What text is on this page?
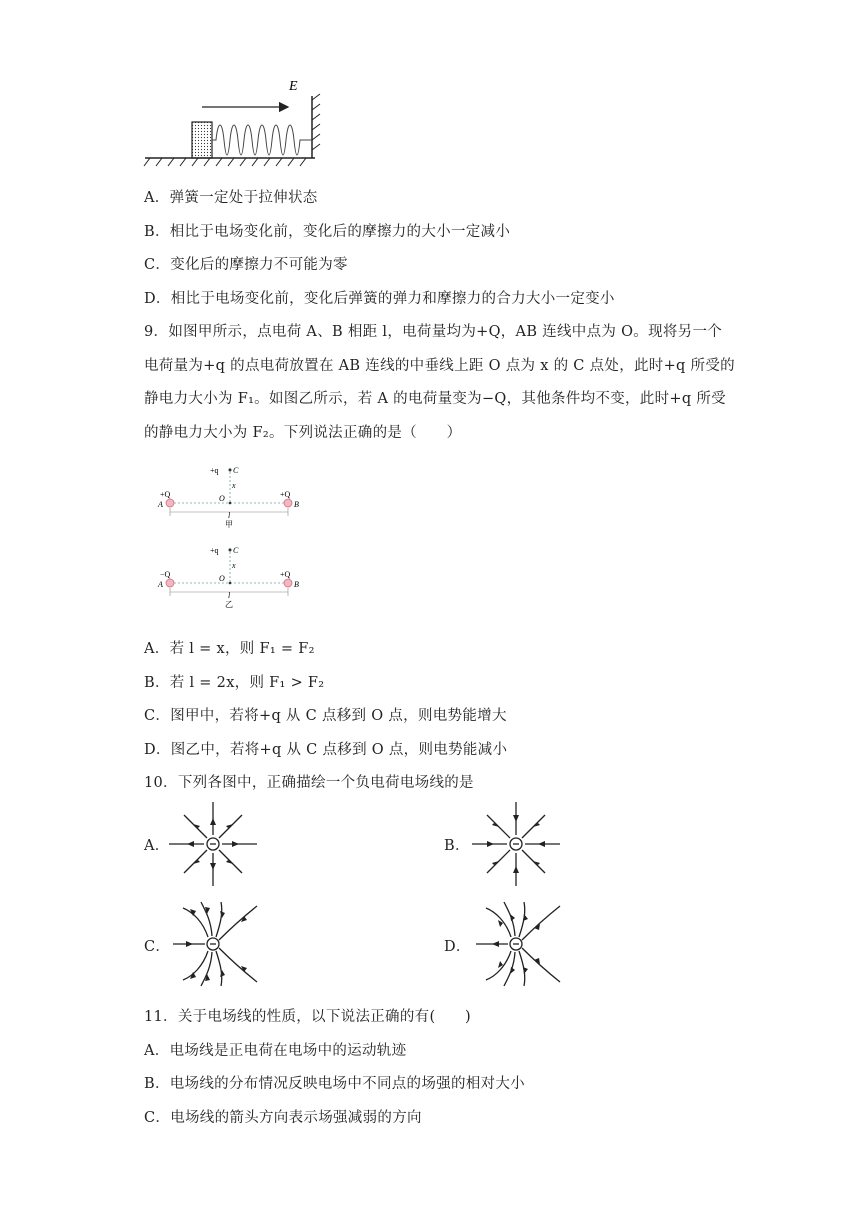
E
A．弹簧一定处于拉伸状态
B．相比于电场变化前，变化后的摩擦力的大小一定减小
C．变化后的摩擦力不可能为零
D．相比于电场变化前，变化后弹簧的弹力和摩擦力的合力大小一定变小
9．如图甲所示，点电荷 A、B 相距 l，电荷量均为+Q，AB 连线中点为 O。现将另一个
电荷量为+q 的点电荷放置在 AB 连线的中垂线上距 O 点为 x 的 C 点处，此时+q 所受的
静电力大小为 F₁。如图乙所示，若 A 的电荷量变为−Q，其他条件均不变，此时+q 所受
的静电力大小为 F₂。下列说法正确的是（　　）
+q C
x
+Q	+Q
A	B
O
l
甲
+q C
x
−Q	+Q
A	B
O
l
乙
A．若 l = x，则 F₁ = F₂
B．若 l = 2x，则 F₁ > F₂
C．图甲中，若将+q 从 C 点移到 O 点，则电势能增大
D．图乙中，若将+q 从 C 点移到 O 点，则电势能减小
10．下列各图中，正确描绘一个负电荷电场线的是
A．	B．
C．	D．
11．关于电场线的性质，以下说法正确的有(　　)
A．电场线是正电荷在电场中的运动轨迹
B．电场线的分布情况反映电场中不同点的场强的相对大小
C．电场线的箭头方向表示场强减弱的方向
